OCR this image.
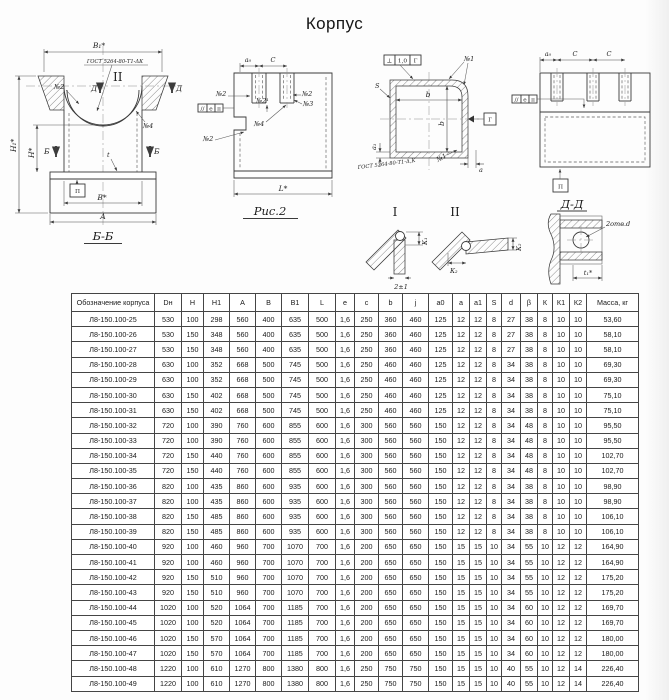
Корпус
В₁*
ГОСТ 5264-80-Т1-ΔК
В*
А
Н₁*
Н* Б	Б
Д	Д
II
№2
№4
t
П
Б-Б
а₀	С
№2
№2¹
№2
№3
№4
№2
// е п
L*
Рис.2
⊥ 1,0 Г	№1
b
b
S
а₁
Г
№1
а
ГОСТ 5264-80-Т1-Δ,К
а₀	С	С
// е п
П
I
К₁
2±1
II
К₂
К₂
Д-Д
2отв.d
t₁*
Обозначение корпуса	Dн	Н	Н1	А	В	В1	L	е	с	b	j	а0	а	а1	S	d	β	К	К1	К2	Масса, кг
Л8-150.100-25	530	100	298	560	400	635	500	1,6	250	360	460	125	12	12	8	27	38	8	10	10	53,60
Л8-150.100-26	530	150	348	560	400	635	500	1,6	250	360	460	125	12	12	8	27	38	8	10	10	58,10
Л8-150.100-27	530	150	348	560	400	635	500	1,6	250	360	460	125	12	12	8	27	38	8	10	10	58,10
Л8-150.100-28	630	100	352	668	500	745	500	1,6	250	460	460	125	12	12	8	34	38	8	10	10	69,30
Л8-150.100-29	630	100	352	668	500	745	500	1,6	250	460	460	125	12	12	8	34	38	8	10	10	69,30
Л8-150.100-30	630	150	402	668	500	745	500	1,6	250	460	460	125	12	12	8	34	38	8	10	10	75,10
Л8-150.100-31	630	150	402	668	500	745	500	1,6	250	460	460	125	12	12	8	34	38	8	10	10	75,10
Л8-150.100-32	720	100	390	760	600	855	600	1,6	300	560	560	150	12	12	8	34	48	8	10	10	95,50
Л8-150.100-33	720	100	390	760	600	855	600	1,6	300	560	560	150	12	12	8	34	48	8	10	10	95,50
Л8-150.100-34	720	150	440	760	600	855	600	1,6	300	560	560	150	12	12	8	34	48	8	10	10	102,70
Л8-150.100-35	720	150	440	760	600	855	600	1,6	300	560	560	150	12	12	8	34	48	8	10	10	102,70
Л8-150.100-36	820	100	435	860	600	935	600	1,6	300	560	560	150	12	12	8	34	38	8	10	10	98,90
Л8-150.100-37	820	100	435	860	600	935	600	1,6	300	560	560	150	12	12	8	34	38	8	10	10	98,90
Л8-150.100-38	820	150	485	860	600	935	600	1,6	300	560	560	150	12	12	8	34	38	8	10	10	106,10
Л8-150.100-39	820	150	485	860	600	935	600	1,6	300	560	560	150	12	12	8	34	38	8	10	10	106,10
Л8-150.100-40	920	100	460	960	700	1070	700	1,6	200	650	650	150	15	15	10	34	55	10	12	12	164,90
Л8-150.100-41	920	100	460	960	700	1070	700	1,6	200	650	650	150	15	15	10	34	55	10	12	12	164,90
Л8-150.100-42	920	150	510	960	700	1070	700	1,6	200	650	650	150	15	15	10	34	55	10	12	12	175,20
Л8-150.100-43	920	150	510	960	700	1070	700	1,6	200	650	650	150	15	15	10	34	55	10	12	12	175,20
Л8-150.100-44	1020	100	520	1064	700	1185	700	1,6	200	650	650	150	15	15	10	34	60	10	12	12	169,70
Л8-150.100-45	1020	100	520	1064	700	1185	700	1,6	200	650	650	150	15	15	10	34	60	10	12	12	169,70
Л8-150.100-46	1020	150	570	1064	700	1185	700	1,6	200	650	650	150	15	15	10	34	60	10	12	12	180,00
Л8-150.100-47	1020	150	570	1064	700	1185	700	1,6	200	650	650	150	15	15	10	34	60	10	12	12	180,00
Л8-150.100-48	1220	100	610	1270	800	1380	800	1,6	250	750	750	150	15	15	10	40	55	10	12	14	226,40
Л8-150.100-49	1220	100	610	1270	800	1380	800	1,6	250	750	750	150	15	15	10	40	55	10	12	14	226,40
